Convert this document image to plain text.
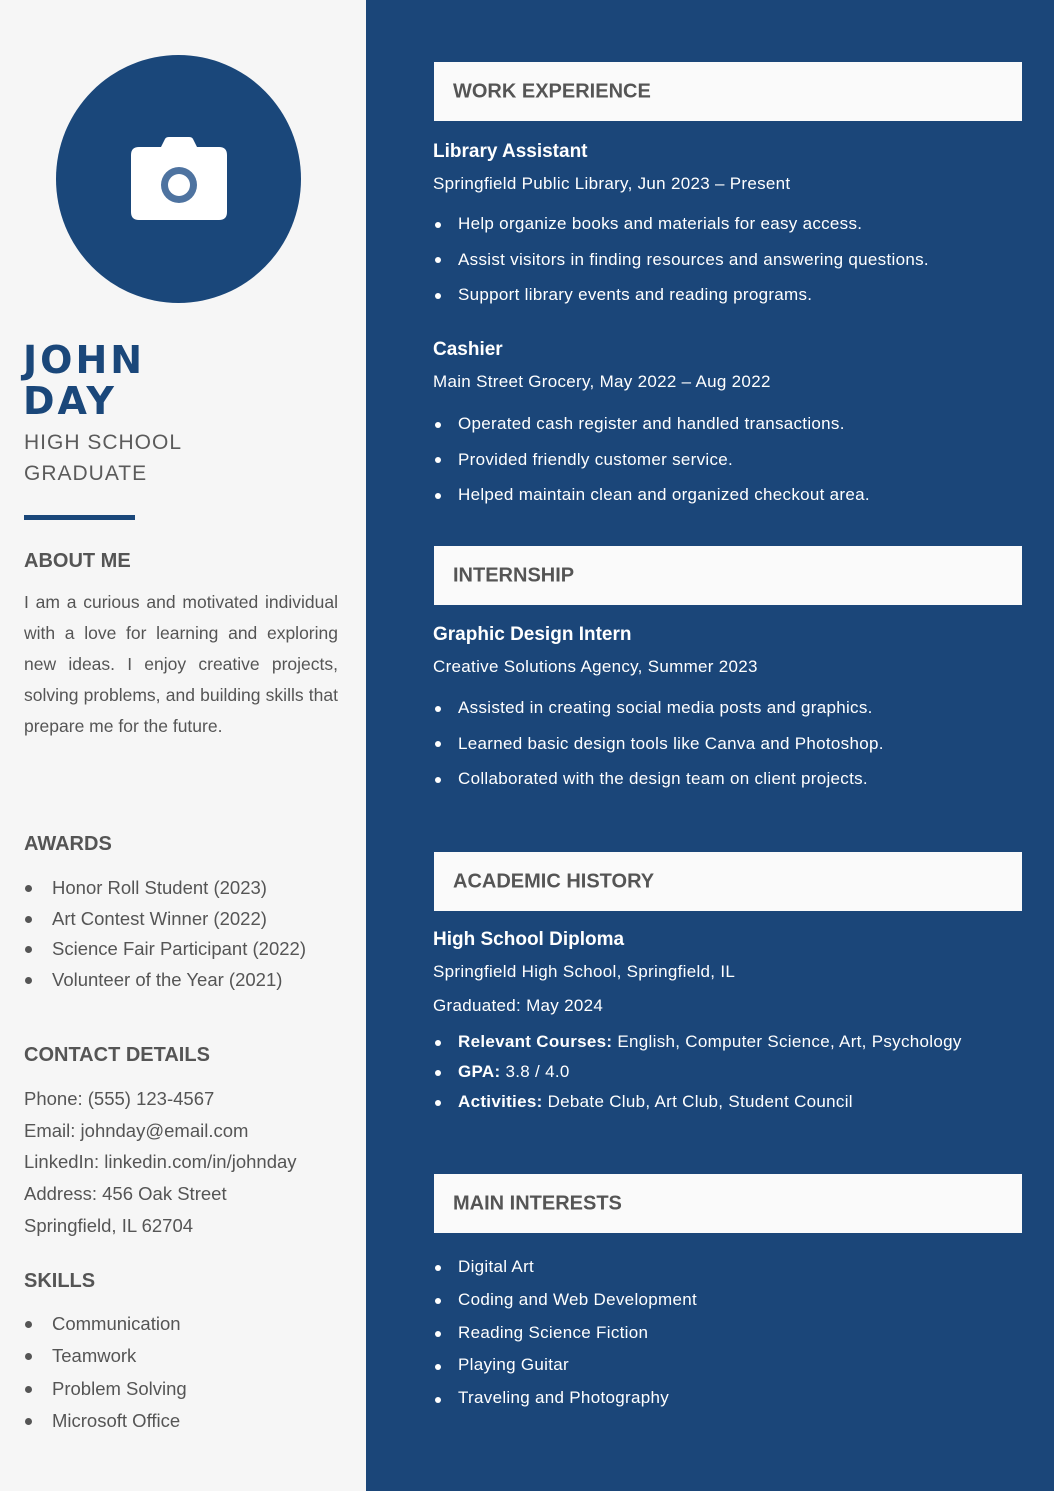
JOHN
DAY
HIGH SCHOOL
GRADUATE
ABOUT ME

I am a curious and motivated individual with a love for learning and exploring new ideas. I enjoy creative projects, solving problems, and building skills that prepare me for the future.

AWARDS
Honor Roll Student (2023)
Art Contest Winner (2022)
Science Fair Participant (2022)
Volunteer of the Year (2021)
CONTACT DETAILS
Phone: (555) 123-4567
Email: johnday@email.com
LinkedIn: linkedin.com/in/johnday
Address: 456 Oak Street
Springfield, IL 62704
SKILLS
Communication
Teamwork
Problem Solving
Microsoft Office
WORK EXPERIENCE
Library Assistant
Springfield Public Library, Jun 2023 – Present
Help organize books and materials for easy access.
Assist visitors in finding resources and answering questions.
Support library events and reading programs.
Cashier
Main Street Grocery, May 2022 – Aug 2022
Operated cash register and handled transactions.
Provided friendly customer service.
Helped maintain clean and organized checkout area.
INTERNSHIP
Graphic Design Intern
Creative Solutions Agency, Summer 2023
Assisted in creating social media posts and graphics.
Learned basic design tools like Canva and Photoshop.
Collaborated with the design team on client projects.
ACADEMIC HISTORY
High School Diploma
Springfield High School, Springfield, IL
Graduated: May 2024
Relevant Courses: English, Computer Science, Art, Psychology
GPA: 3.8 / 4.0
Activities: Debate Club, Art Club, Student Council
MAIN INTERESTS
Digital Art
Coding and Web Development
Reading Science Fiction
Playing Guitar
Traveling and Photography
